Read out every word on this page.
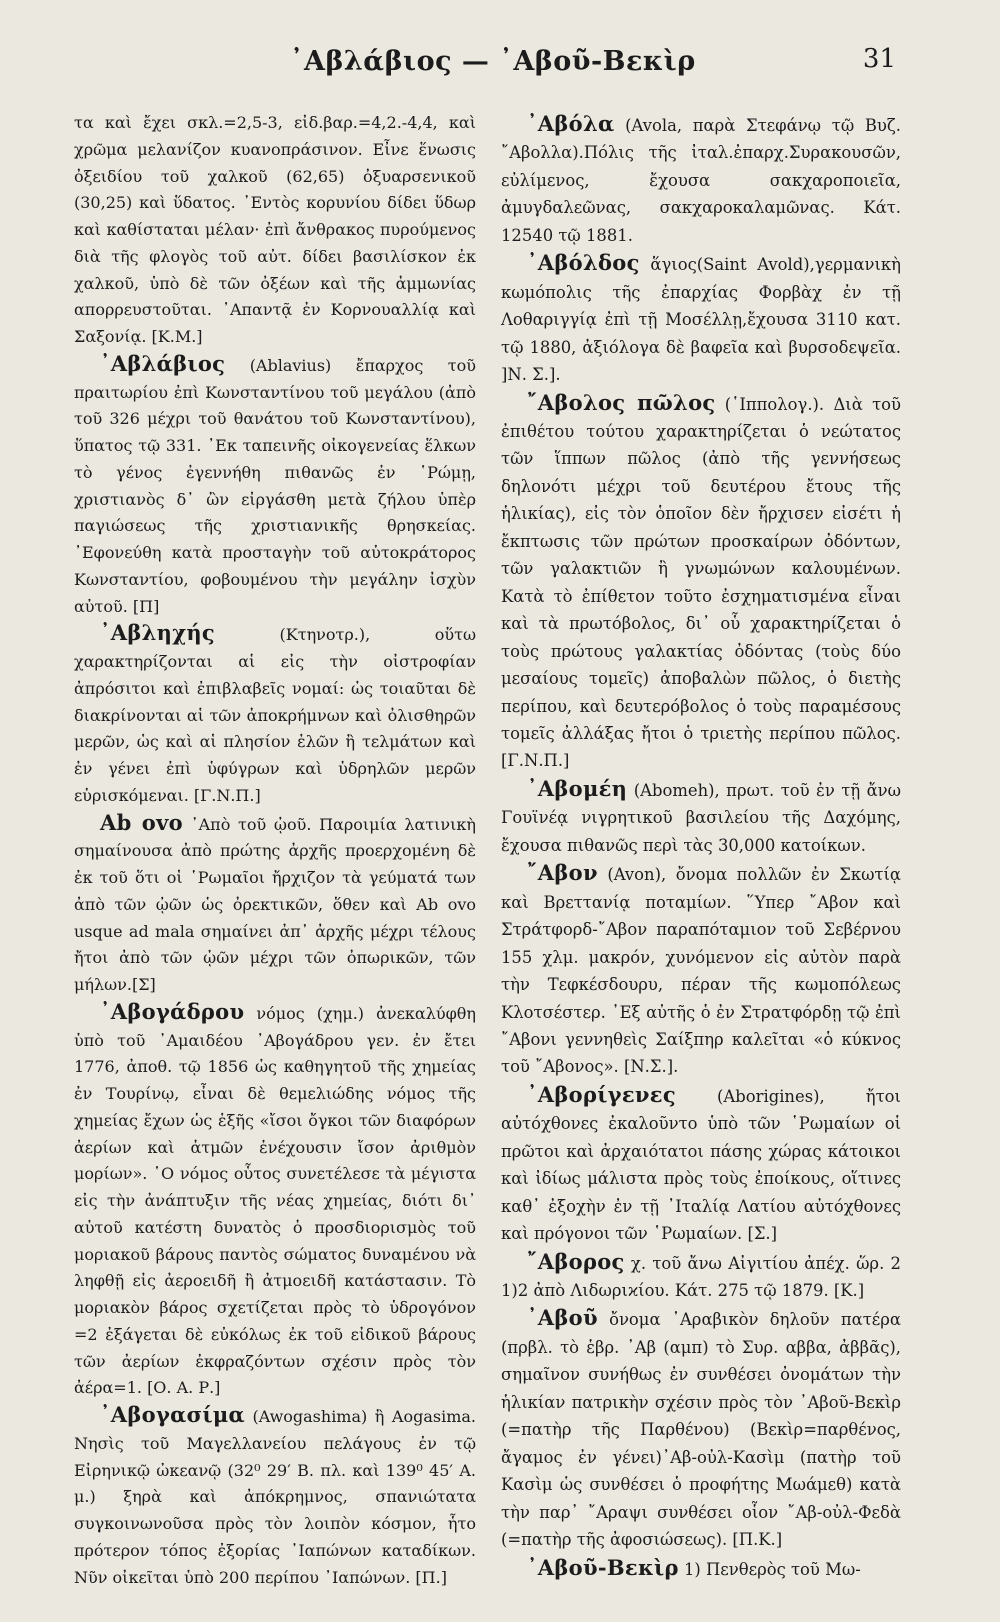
᾿Αβλάβιος — ᾿Αβοῦ-Βεκὶρ	31

τα καὶ ἔχει σκλ.=2,5-3, εἰδ.βαρ.=4,2.-4,4, καὶ χρῶμα μελανίζον κυανοπράσινον. Εἶνε ἕνωσις ὀξειδίου τοῦ χαλκοῦ (62,65) ὀξυαρσενικοῦ (30,25) καὶ ὕδατος. ᾿Εντὸς κορυνίου δίδει ὕδωρ καὶ καθίσταται μέλαν· ἐπὶ ἄνθρακος πυρούμενος διὰ τῆς φλογὸς τοῦ αὐτ. δίδει βασιλίσκον ἐκ χαλκοῦ, ὑπὸ δὲ τῶν ὀξέων καὶ τῆς ἀμμωνίας απορρευστοῦται. ᾿Απαντᾷ ἐν Κορνουαλλίᾳ καὶ Σαξονίᾳ. [Κ.Μ.]

᾿Αβλάβιος (Ablavius) ἔπαρχος τοῦ πραιτωρίου ἐπὶ Κωνσταντίνου τοῦ μεγάλου (ἀπὸ τοῦ 326 μέχρι τοῦ θανάτου τοῦ Κωνσταντίνου), ὕπατος τῷ 331. ᾿Εκ ταπεινῆς οἰκογενείας ἕλκων τὸ γένος ἐγεννήθη πιθανῶς ἐν ῾Ρώμῃ, χριστιανὸς δ᾿ ὢν εἰργάσθη μετὰ ζήλου ὑπὲρ παγιώσεως τῆς χριστιανικῆς θρησκείας. ᾿Εφονεύθη κατὰ προσταγὴν τοῦ αὐτοκράτορος Κωνσταντίου, φοβουμένου τὴν μεγάλην ἰσχὺν αὐτοῦ. [Π]

᾿Αβληχής	(Κτηνοτρ.), οὕτω χαρακτηρίζονται αἱ εἰς τὴν οἰστροφίαν ἀπρόσιτοι καὶ ἐπιβλαβεῖς νομαί: ὡς τοιαῦται δὲ διακρίνονται αἱ τῶν ἀποκρήμνων καὶ ὀλισθηρῶν μερῶν, ὡς καὶ αἱ πλησίον ἑλῶν ἢ τελμάτων καὶ ἐν γένει ἐπὶ ὑφύγρων καὶ ὑδρηλῶν μερῶν εὑρισκόμεναι. [Γ.Ν.Π.]

Ab ovo ᾿Απὸ τοῦ ᾠοῦ. Παροιμία λατινικὴ σημαίνουσα ἀπὸ πρώτης ἀρχῆς προερχομένη δὲ ἐκ τοῦ ὅτι οἱ ῾Ρωμαῖοι ἤρχιζον τὰ γεύματά των ἀπὸ τῶν ᾠῶν ὡς ὀρεκτικῶν, ὅθεν καὶ Ab ovo usque ad mala σημαίνει ἀπ᾿ ἀρχῆς μέχρι τέλους ἤτοι ἀπὸ τῶν ᾠῶν μέχρι τῶν ὀπωρικῶν, τῶν μήλων.[Σ]

᾿Αβογάδρου νόμος (χημ.) ἀνεκαλύφθη ὑπὸ τοῦ ᾿Αμαιδέου ᾿Αβογάδρου γεν. ἐν ἔτει 1776, ἀποθ. τῷ 1856 ὡς καθηγητοῦ τῆς χημείας ἐν Τουρίνῳ, εἶναι δὲ θεμελιώδης νόμος τῆς χημείας ἔχων ὡς ἑξῆς «ἴσοι ὄγκοι τῶν διαφόρων ἀερίων καὶ ἀτμῶν ἐνέχουσιν ἴσον ἀριθμὸν μορίων». ῾Ο νόμος οὗτος συνετέλεσε τὰ μέγιστα εἰς τὴν ἀνάπτυξιν τῆς νέας χημείας, διότι δι᾿ αὐτοῦ κατέστη δυνατὸς ὁ προσδιορισμὸς τοῦ μοριακοῦ βάρους παντὸς σώματος δυναμένου νὰ ληφθῇ εἰς ἀεροειδῆ ἢ ἀτμοειδῆ κατάστασιν. Τὸ μοριακὸν βάρος σχετίζεται πρὸς τὸ ὑδρογόνον =2 ἐξάγεται δὲ εὐκόλως ἐκ τοῦ εἰδικοῦ βάρους τῶν ἀερίων ἐκφραζόντων σχέσιν πρὸς τὸν ἀέρα=1. [Ο. Α. Ρ.]

᾿Αβογασίμα (Awogashima) ἢ Aogasima. Νησὶς τοῦ Μαγελλανείου πελάγους ἐν τῷ Εἰρηνικῷ ὠκεανῷ (32⁰ 29′ Β. πλ. καὶ 139⁰ 45′ Α. μ.) ξηρὰ καὶ ἀπόκρημνος, σπανιώτατα συγκοινωνοῦσα πρὸς τὸν λοιπὸν κόσμον, ἧτο πρότερον τόπος ἐξορίας ᾿Ιαπώνων καταδίκων. Νῦν οἰκεῖται ὑπὸ 200 περίπου ᾿Ιαπώνων. [Π.]

᾿Αβόλα (Avola, παρὰ Στεφάνῳ τῷ Βυζ. ῎Αβολλα).Πόλις τῆς ἰταλ.ἐπαρχ.Συρακουσῶν, εὐλίμενος, ἔχουσα σακχαροποιεῖα, ἀμυγδαλεῶνας, σακχαροκαλαμῶνας. Κάτ. 12540 τῷ 1881.

᾿Αβόλδος ἅγιος(Saint Avold),γερμανικὴ κωμόπολις τῆς ἐπαρχίας Φορβὰχ ἐν τῇ Λοθαριγγίᾳ ἐπὶ τῇ Μοσέλλῃ,ἔχουσα 3110 κατ. τῷ 1880, ἀξιόλογα δὲ βαφεῖα καὶ βυρσοδεψεῖα. ]Ν. Σ.].

῎Αβολος πῶλος (῾Ιππολογ.). Διὰ τοῦ ἐπιθέτου τούτου χαρακτηρίζεται ὁ νεώτατος τῶν ἵππων πῶλος (ἀπὸ τῆς γεννήσεως δηλονότι μέχρι τοῦ δευτέρου ἔτους τῆς ἡλικίας), εἰς τὸν ὁποῖον δὲν ἤρχισεν εἰσέτι ἡ ἔκπτωσις τῶν πρώτων προσκαίρων ὀδόντων, τῶν γαλακτιῶν ἢ γνωμώνων καλουμένων. Κατὰ τὸ ἐπίθετον τοῦτο ἐσχηματισμένα εἶναι καὶ τὰ πρωτόβολος, δι᾿ οὗ χαρακτηρίζεται ὁ τοὺς πρώτους γαλακτίας ὀδόντας (τοὺς δύο μεσαίους τομεῖς) ἀποβαλὼν πῶλος, ὁ διετὴς περίπου, καὶ δευτερόβολος ὁ τοὺς παραμέσους τομεῖς ἀλλάξας ἤτοι ὁ τριετὴς περίπου πῶλος. [Γ.Ν.Π.]

᾿Αβομέη (Abomeh), πρωτ. τοῦ ἐν τῇ ἄνω Γουϊνέᾳ νιγρητικοῦ βασιλείου τῆς Δαχόμης, ἔχουσα πιθανῶς περὶ τὰς 30,000 κατοίκων.

῎Αβον (Avon), ὄνομα πολλῶν ἐν Σκωτίᾳ καὶ Βρεττανίᾳ ποταμίων. ῞Υπερ ῎Αβον καὶ Στράτφορδ-῎Αβον παραπόταμιον τοῦ Σεβέρνου 155 χλμ. μακρόν, χυνόμενον εἰς αὐτὸν παρὰ τὴν Τεφκέσδουρυ, πέραν τῆς κωμοπόλεως Κλοτσέστερ. ᾿Εξ αὐτῆς ὁ ἐν Στρατφόρδῃ τῷ ἐπὶ ῎Αβονι γεννηθεὶς Σαίξπηρ καλεῖται «ὁ κύκνος τοῦ ῎Αβονος». [Ν.Σ.].

᾿Αβορίγενες	(Aborigines), ἤτοι αὐτόχθονες ἐκαλοῦντο ὑπὸ τῶν ῾Ρωμαίων οἱ πρῶτοι καὶ ἀρχαιότατοι πάσης χώρας κάτοικοι καὶ ἰδίως μάλιστα πρὸς τοὺς ἐποίκους, οἵτινες καθ᾿ ἐξοχὴν ἐν τῇ ᾿Ιταλίᾳ Λατίου αὐτόχθονες καὶ πρόγονοι τῶν ῾Ρωμαίων. [Σ.]

῎Αβορος χ. τοῦ ἄνω Αἰγιτίου ἀπέχ. ὥρ. 2 1)2 ἀπὸ Λιδωριϰίου. Κάτ. 275 τῷ 1879. [Κ.]

᾿Αβοῦ ὄνομα ᾿Αραβικὸν δηλοῦν πατέρα (πρβλ. τὸ ἑβρ. ᾿Αβ (αμπ) τὸ Συρ. αββα, ἀββᾶς), σημαῖνον συνήθως ἐν συνθέσει ὀνομάτων τὴν ἡλικίαν πατρικὴν σχέσιν πρὸς τὸν ᾿Αβοῦ-Βεκὶρ (=πατὴρ τῆς Παρθένου) (Βεκὶρ=παρθένος, ἄγαμος ἐν γένει)᾿Αβ-οὐλ-Κασὶμ (πατὴρ τοῦ Κασὶμ ὡς συνθέσει ὁ προφήτης Μωάμεθ) κατὰ τὴν παρ᾿ ῎Αραψι συνθέσει οἷον ῎Αβ-οὐλ-Φεδὰ (=πατὴρ τῆς ἀφοσιώσεως). [Π.Κ.]

᾿Αβοῦ-Βεκὶρ 1) Πενθερὸς τοῦ Μω-
